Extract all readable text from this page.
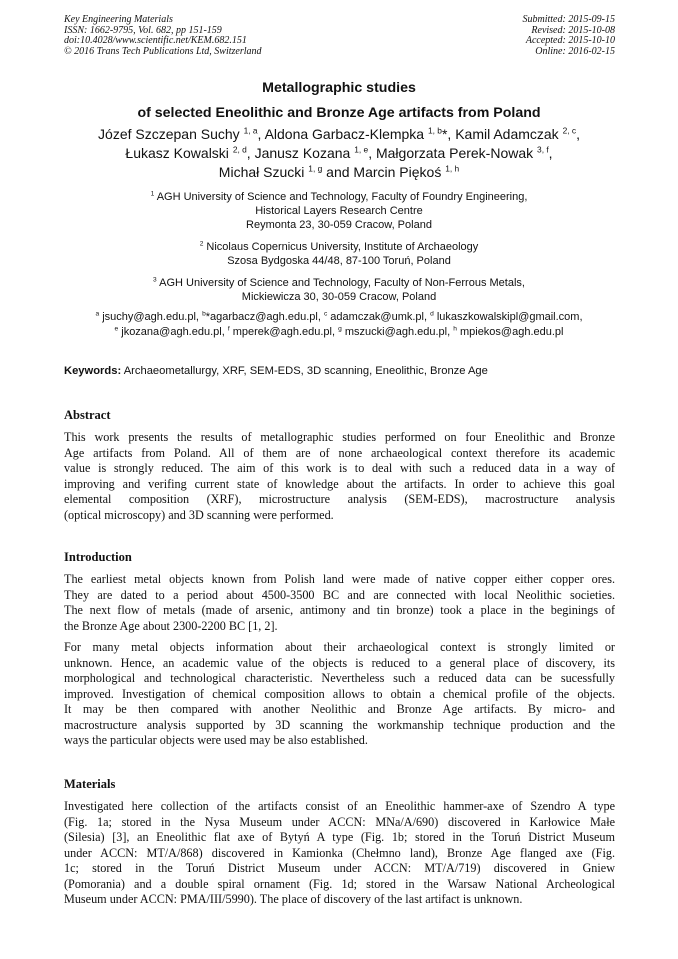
Key Engineering Materials
ISSN: 1662-9795, Vol. 682, pp 151-159
doi:10.4028/www.scientific.net/KEM.682.151
© 2016 Trans Tech Publications Ltd, Switzerland
Submitted: 2015-09-15
Revised: 2015-10-08
Accepted: 2015-10-10
Online: 2016-02-15
Metallographic studies
of selected Eneolithic and Bronze Age artifacts from Poland
Józef Szczepan Suchy $^{1, a}$, Aldona Garbacz-Klempka $^{1, b}$*, Kamil Adamczak $^{2, c}$,
Łukasz Kowalski $^{2, d}$, Janusz Kozana $^{1, e}$, Małgorzata Perek-Nowak $^{3, f}$,
Michał Szucki $^{1, g}$ and Marcin Piękoś $^{1, h}$
$^1$ AGH University of Science and Technology, Faculty of Foundry Engineering,
Historical Layers Research Centre
Reymonta 23, 30-059 Cracow, Poland
$^2$ Nicolaus Copernicus University, Institute of Archaeology
Szosa Bydgoska 44/48, 87-100 Toruń, Poland
$^3$ AGH University of Science and Technology, Faculty of Non-Ferrous Metals,
Mickiewicza 30, 30-059 Cracow, Poland
$^a$ jsuchy@agh.edu.pl, $^b$*agarbacz@agh.edu.pl, $^c$ adamczak@umk.pl, $^d$ lukaszkowalskipl@gmail.com,
$^e$ jkozana@agh.edu.pl, $^f$ mperek@agh.edu.pl, $^g$ mszucki@agh.edu.pl, $^h$ mpiekos@agh.edu.pl
Keywords: Archaeometallurgy, XRF, SEM-EDS, 3D scanning, Eneolithic, Bronze Age
Abstract
This work presents the results of metallographic studies performed on four Eneolithic and Bronze
Age artifacts from Poland. All of them are of none archaeological context therefore its academic
value is strongly reduced. The aim of this work is to deal with such a reduced data in a way of
improving and verifing current state of knowledge about the artifacts. In order to achieve this goal
elemental composition (XRF), microstructure analysis (SEM-EDS), macrostructure analysis
(optical microscopy) and 3D scanning were performed.
Introduction
The earliest metal objects known from Polish land were made of native copper either copper ores.
They are dated to a period about 4500-3500 BC and are connected with local Neolithic societies.
The next flow of metals (made of arsenic, antimony and tin bronze) took a place in the beginings of
the Bronze Age about 2300-2200 BC [1, 2].
For many metal objects information about their archaeological context is strongly limited or
unknown. Hence, an academic value of the objects is reduced to a general place of discovery, its
morphological and technological characteristic. Nevertheless such a reduced data can be sucessfully
improved. Investigation of chemical composition allows to obtain a chemical profile of the objects.
It may be then compared with another Neolithic and Bronze Age artifacts. By micro- and
macrostructure analysis supported by 3D scanning the workmanship technique production and the
ways the particular objects were used may be also established.
Materials
Investigated here collection of the artifacts consist of an Eneolithic hammer-axe of Szendro A type
(Fig. 1a; stored in the Nysa Museum under ACCN: MNa/A/690) discovered in Karłowice Małe
(Silesia) [3], an Eneolithic flat axe of Bytyń A type (Fig. 1b; stored in the Toruń District Museum
under ACCN: MT/A/868) discovered in Kamionka (Chełmno land), Bronze Age flanged axe (Fig.
1c; stored in the Toruń District Museum under ACCN: MT/A/719) discovered in Gniew
(Pomorania) and a double spiral ornament (Fig. 1d; stored in the Warsaw National Archeological
Museum under ACCN: PMA/III/5990). The place of discovery of the last artifact is unknown.
